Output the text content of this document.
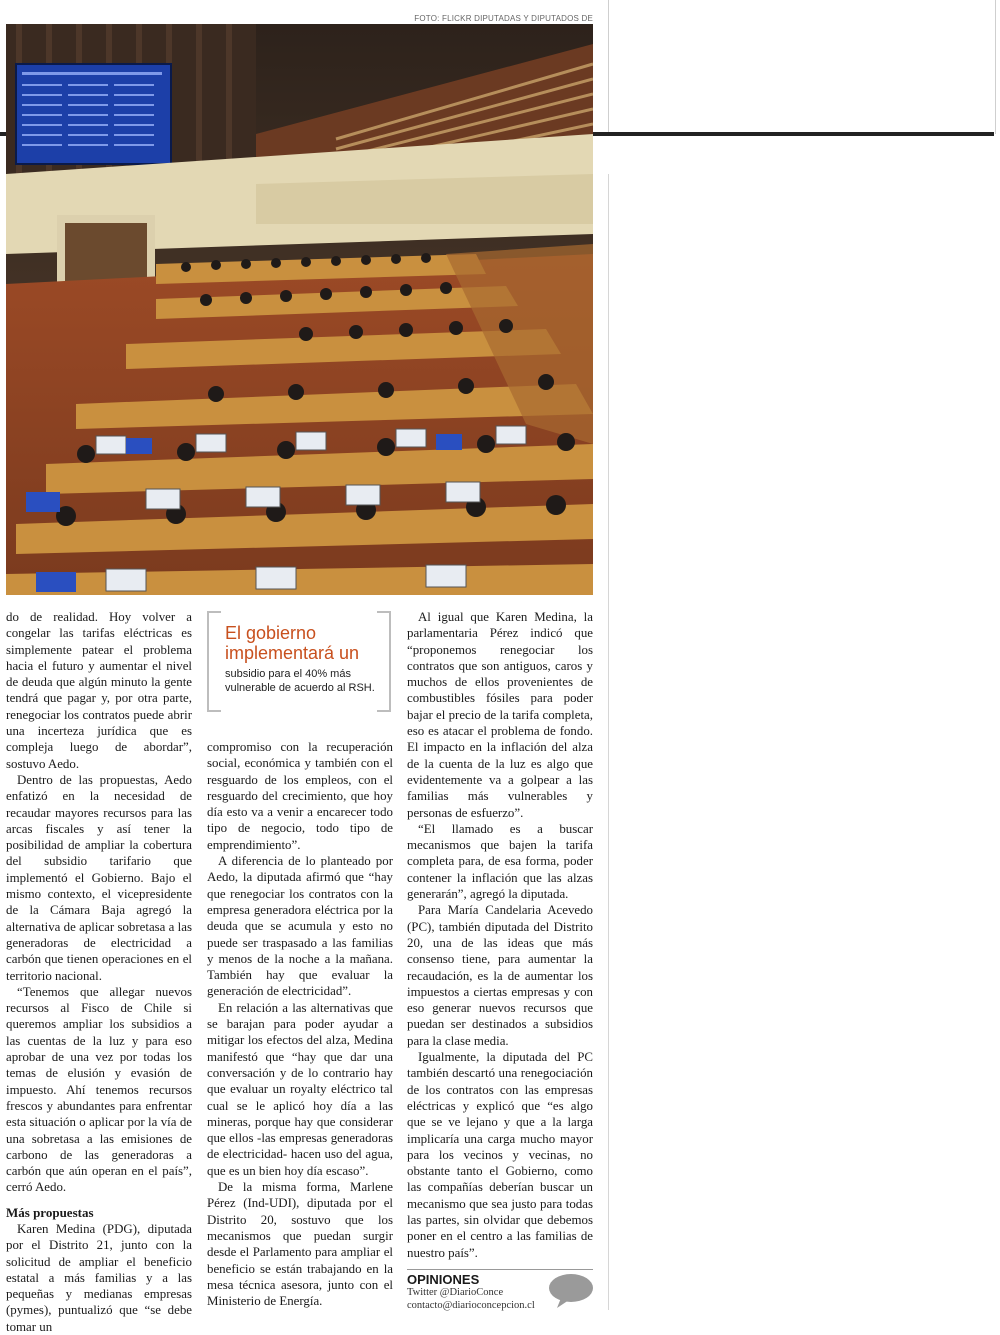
FOTO: FLICKR DIPUTADAS Y DIPUTADOS DE

do de realidad. Hoy volver a congelar las tarifas eléctricas es simplemente patear el problema hacia el futuro y aumentar el nivel de deuda que algún minuto la gente tendrá que pagar y, por otra parte, renegociar los contratos puede abrir una incerteza jurídica que es compleja luego de abordar”, sostuvo Aedo.

Dentro de las propuestas, Aedo enfatizó en la necesidad de recaudar mayores recursos para las arcas fiscales y así tener la posibilidad de ampliar la cobertura del subsidio tarifario que implementó el Gobierno. Bajo el mismo contexto, el vicepresidente de la Cámara Baja agregó la alternativa de aplicar sobretasa a las generadoras de electricidad a carbón que tienen operaciones en el territorio nacional.

“Tenemos que allegar nuevos recursos al Fisco de Chile si queremos ampliar los subsidios a las cuentas de la luz y para eso aprobar de una vez por todas los temas de elusión y evasión de impuesto. Ahí tenemos recursos frescos y abundantes para enfrentar esta situación o aplicar por la vía de una sobretasa a las emisiones de carbono de las generadoras a carbón que aún operan en el país”, cerró Aedo.

Más propuestas

Karen Medina (PDG), diputada por el Distrito 21, junto con la solicitud de ampliar el beneficio estatal a más familias y a las pequeñas y medianas empresas (pymes), puntualizó que “se debe tomar un

El gobierno implementará un
subsidio para el 40% más vulnerable de acuerdo al RSH.

compromiso con la recuperación social, económica y también con el resguardo de los empleos, con el resguardo del crecimiento, que hoy día esto va a venir a encarecer todo tipo de negocio, todo tipo de emprendimiento”.

A diferencia de lo planteado por Aedo, la diputada afirmó que “hay que renegociar los contratos con la empresa generadora eléctrica por la deuda que se acumula y esto no puede ser traspasado a las familias y menos de la noche a la mañana. También hay que evaluar la generación de electricidad”.

En relación a las alternativas que se barajan para poder ayudar a mitigar los efectos del alza, Medina manifestó que “hay que dar una conversación y de lo contrario hay que evaluar un royalty eléctrico tal cual se le aplicó hoy día a las mineras, porque hay que considerar que ellos -las empresas generadoras de electricidad- hacen uso del agua, que es un bien hoy día escaso”.

De la misma forma, Marlene Pérez (Ind-UDI), diputada por el Distrito 20, sostuvo que los mecanismos que puedan surgir desde el Parlamento para ampliar el beneficio se están trabajando en la mesa técnica asesora, junto con el Ministerio de Energía.

Al igual que Karen Medina, la parlamentaria Pérez indicó que “proponemos renegociar los contratos que son antiguos, caros y muchos de ellos provenientes de combustibles fósiles para poder bajar el precio de la tarifa completa, eso es atacar el problema de fondo. El impacto en la inflación del alza de la cuenta de la luz es algo que evidentemente va a golpear a las familias más vulnerables y personas de esfuerzo”.

“El llamado es a buscar mecanismos que bajen la tarifa completa para, de esa forma, poder contener la inflación que las alzas generarán”, agregó la diputada.

Para María Candelaria Acevedo (PC), también diputada del Distrito 20, una de las ideas que más consenso tiene, para aumentar la recaudación, es la de aumentar los impuestos a ciertas empresas y con eso generar nuevos recursos que puedan ser destinados a subsidios para la clase media.

Igualmente, la diputada del PC también descartó una renegociación de los contratos con las empresas eléctricas y explicó que “es algo que se ve lejano y que a la larga implicaría una carga mucho mayor para los vecinos y vecinas, no obstante tanto el Gobierno, como las compañías deberían buscar un mecanismo que sea justo para todas las partes, sin olvidar que debemos poner en el centro a las familias de nuestro país”.

OPINIONES
Twitter @DiarioConce
contacto@diarioconcepcion.cl
